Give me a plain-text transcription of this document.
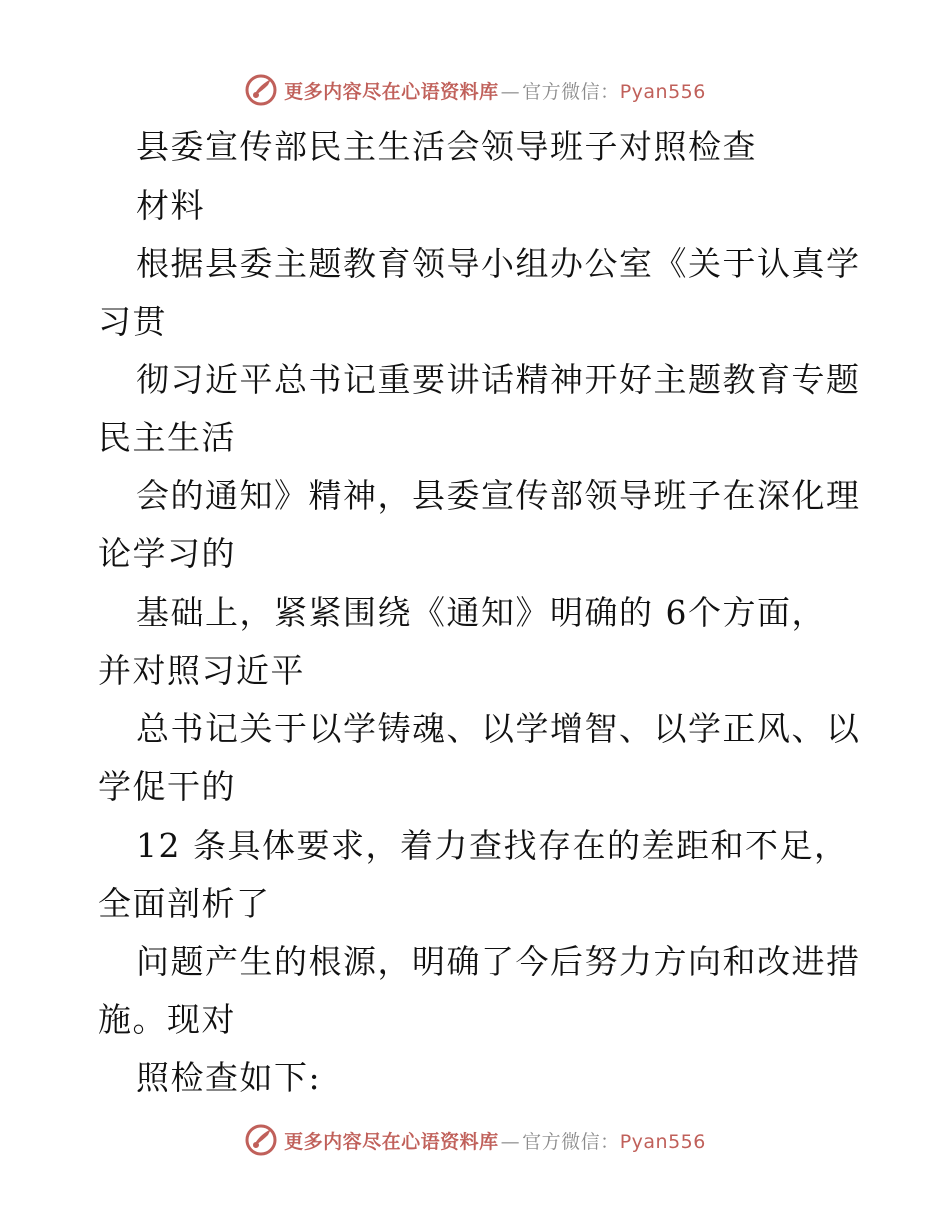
更多内容尽在心语资料库 — 官方微信：Pyan556
县委宣传部民主生活会领导班子对照检查
材料
根据县委主题教育领导小组办公室《关于认真学
习贯
彻习近平总书记重要讲话精神开好主题教育专题
民主生活
会的通知》精神，县委宣传部领导班子在深化理
论学习的
基础上，紧紧围绕《通知》明确的 6个方面，
并对照习近平
总书记关于以学铸魂、以学增智、以学正风、以
学促干的
12 条具体要求，着力查找存在的差距和不足，
全面剖析了
问题产生的根源，明确了今后努力方向和改进措
施。现对
照检查如下:
更多内容尽在心语资料库 — 官方微信：Pyan556
